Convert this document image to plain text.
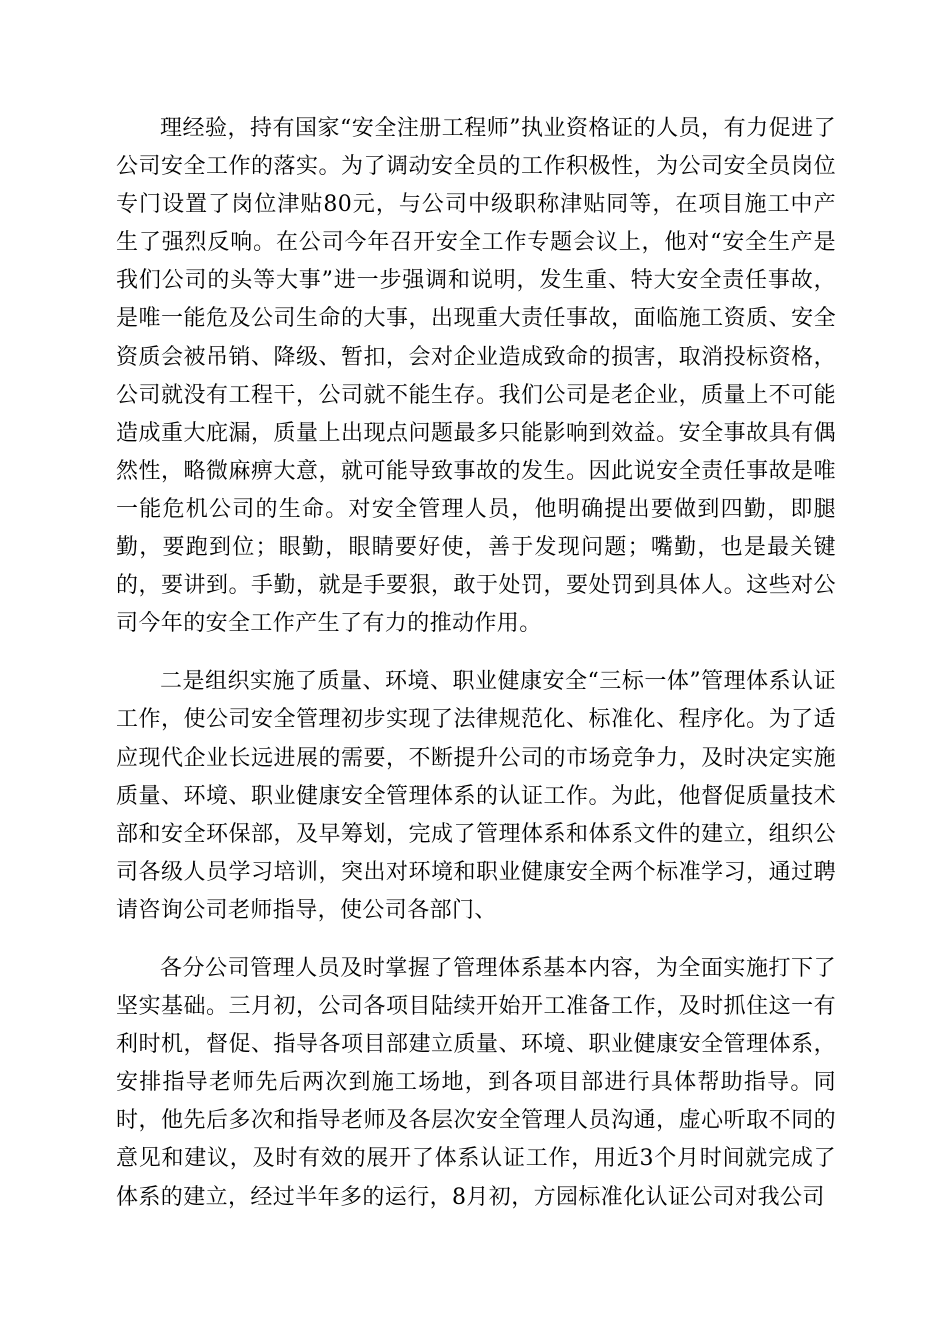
理经验，持有国家“安全注册工程师”执业资格证的人员，有力促进了公司安全工作的落实。为了调动安全员的工作积极性，为公司安全员岗位专门设置了岗位津贴80元，与公司中级职称津贴同等，在项目施工中产生了强烈反响。在公司今年召开安全工作专题会议上，他对“安全生产是我们公司的头等大事”进一步强调和说明，发生重、特大安全责任事故，是唯一能危及公司生命的大事，出现重大责任事故，面临施工资质、安全资质会被吊销、降级、暂扣，会对企业造成致命的损害，取消投标资格，公司就没有工程干，公司就不能生存。我们公司是老企业，质量上不可能造成重大庇漏，质量上出现点问题最多只能影响到效益。安全事故具有偶然性，略微麻痹大意，就可能导致事故的发生。因此说安全责任事故是唯一能危机公司的生命。对安全管理人员，他明确提出要做到四勤，即腿勤，要跑到位；眼勤，眼睛要好使，善于发现问题；嘴勤，也是最关键的，要讲到。手勤，就是手要狠，敢于处罚，要处罚到具体人。这些对公司今年的安全工作产生了有力的推动作用。

二是组织实施了质量、环境、职业健康安全“三标一体”管理体系认证工作，使公司安全管理初步实现了法律规范化、标准化、程序化。为了适应现代企业长远进展的需要，不断提升公司的市场竞争力，及时决定实施质量、环境、职业健康安全管理体系的认证工作。为此，他督促质量技术部和安全环保部，及早筹划，完成了管理体系和体系文件的建立，组织公司各级人员学习培训，突出对环境和职业健康安全两个标准学习，通过聘请咨询公司老师指导，使公司各部门、

各分公司管理人员及时掌握了管理体系基本内容，为全面实施打下了坚实基础。三月初，公司各项目陆续开始开工准备工作，及时抓住这一有利时机，督促、指导各项目部建立质量、环境、职业健康安全管理体系，安排指导老师先后两次到施工场地，到各项目部进行具体帮助指导。同时，他先后多次和指导老师及各层次安全管理人员沟通，虚心听取不同的意见和建议，及时有效的展开了体系认证工作，用近3个月时间就完成了体系的建立，经过半年多的运行，8月初，方园标准化认证公司对我公司
